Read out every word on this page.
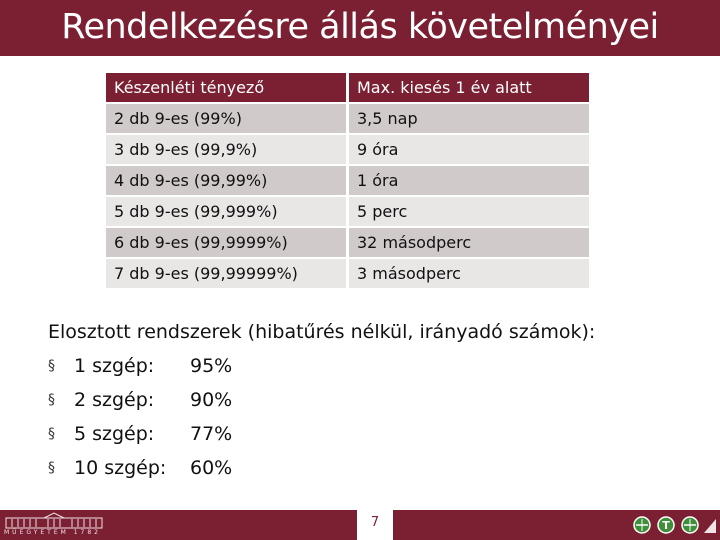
Rendelkezésre állás követelményei
Készenléti tényező	Max. kiesés 1 év alatt
2 db 9-es (99%)	3,5 nap
3 db 9-es (99,9%)	9 óra
4 db 9-es (99,99%)	1 óra
5 db 9-es (99,999%)	5 perc
6 db 9-es (99,9999%)	32 másodperc
7 db 9-es (99,99999%)	3 másodperc
Elosztott rendszerek (hibatűrés nélkül, irányadó számok):
§	1 szgép: 95%
§	2 szgép: 90%
§	5 szgép: 77%
§	10 szgép: 60%
MŰEGYETEM 1782
7	T
